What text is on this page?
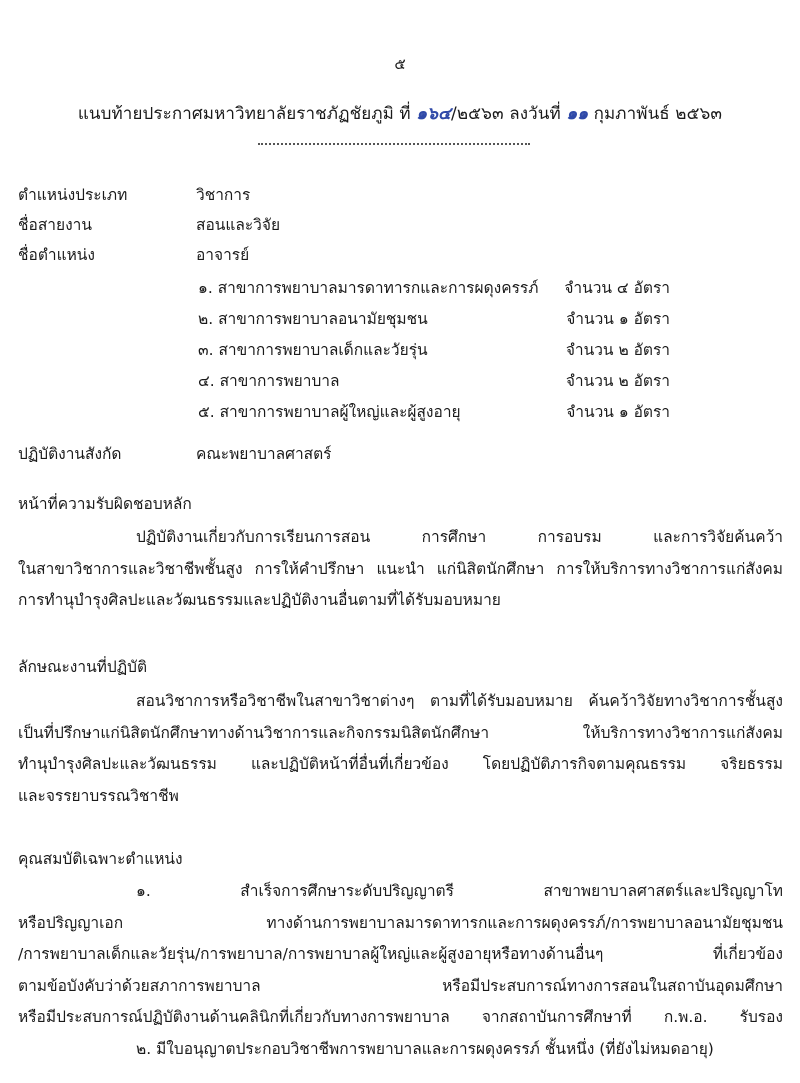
๕
แนบท้ายประกาศมหาวิทยาลัยราชภัฏชัยภูมิ ที่ ๑๖๔/๒๕๖๓ ลงวันที่ ๑๑ กุมภาพันธ์ ๒๕๖๓
ตำแหน่งประเภท	วิชาการ
ชื่อสายงาน	สอนและวิจัย
ชื่อตำแหน่ง	อาจารย์
๑. สาขาการพยาบาลมารดาทารกและการผดุงครรภ์ จำนวน ๔ อัตรา
๒. สาขาการพยาบาลอนามัยชุมชน	จำนวน ๑ อัตรา
๓. สาขาการพยาบาลเด็กและวัยรุ่น	จำนวน ๒ อัตรา
๔. สาขาการพยาบาล	จำนวน ๒ อัตรา
๕. สาขาการพยาบาลผู้ใหญ่และผู้สูงอายุ	จำนวน ๑ อัตรา
ปฏิบัติงานสังกัด	คณะพยาบาลศาสตร์
หน้าที่ความรับผิดชอบหลัก
ปฏิบัติงานเกี่ยวกับการเรียนการสอน การศึกษา การอบรม และการวิจัยค้นคว้า
ในสาขาวิชาการและวิชาชีพชั้นสูง การให้คำปรึกษา แนะนำ แก่นิสิตนักศึกษา การให้บริการทางวิชาการแก่สังคม
การทำนุบำรุงศิลปะและวัฒนธรรมและปฏิบัติงานอื่นตามที่ได้รับมอบหมาย
ลักษณะงานที่ปฏิบัติ
สอนวิชาการหรือวิชาชีพในสาขาวิชาต่างๆ ตามที่ได้รับมอบหมาย ค้นคว้าวิจัยทางวิชาการชั้นสูง
เป็นที่ปรึกษาแก่นิสิตนักศึกษาทางด้านวิชาการและกิจกรรมนิสิตนักศึกษา ให้บริการทางวิชาการแก่สังคม
ทำนุบำรุงศิลปะและวัฒนธรรม และปฏิบัติหน้าที่อื่นที่เกี่ยวข้อง โดยปฏิบัติภารกิจตามคุณธรรม จริยธรรม
และจรรยาบรรณวิชาชีพ
คุณสมบัติเฉพาะตำแหน่ง
๑. สำเร็จการศึกษาระดับปริญญาตรี สาขาพยาบาลศาสตร์และปริญญาโท
หรือปริญญาเอก ทางด้านการพยาบาลมารดาทารกและการผดุงครรภ์/การพยาบาลอนามัยชุมชน
/การพยาบาลเด็กและวัยรุ่น/การพยาบาล/การพยาบาลผู้ใหญ่และผู้สูงอายุหรือทางด้านอื่นๆ ที่เกี่ยวข้อง
ตามข้อบังคับว่าด้วยสภาการพยาบาล หรือมีประสบการณ์ทางการสอนในสถาบันอุดมศึกษา
หรือมีประสบการณ์ปฏิบัติงานด้านคลินิกที่เกี่ยวกับทางการพยาบาล จากสถาบันการศึกษาที่ ก.พ.อ. รับรอง
๒. มีใบอนุญาตประกอบวิชาชีพการพยาบาลและการผดุงครรภ์ ชั้นหนึ่ง (ที่ยังไม่หมดอายุ)
